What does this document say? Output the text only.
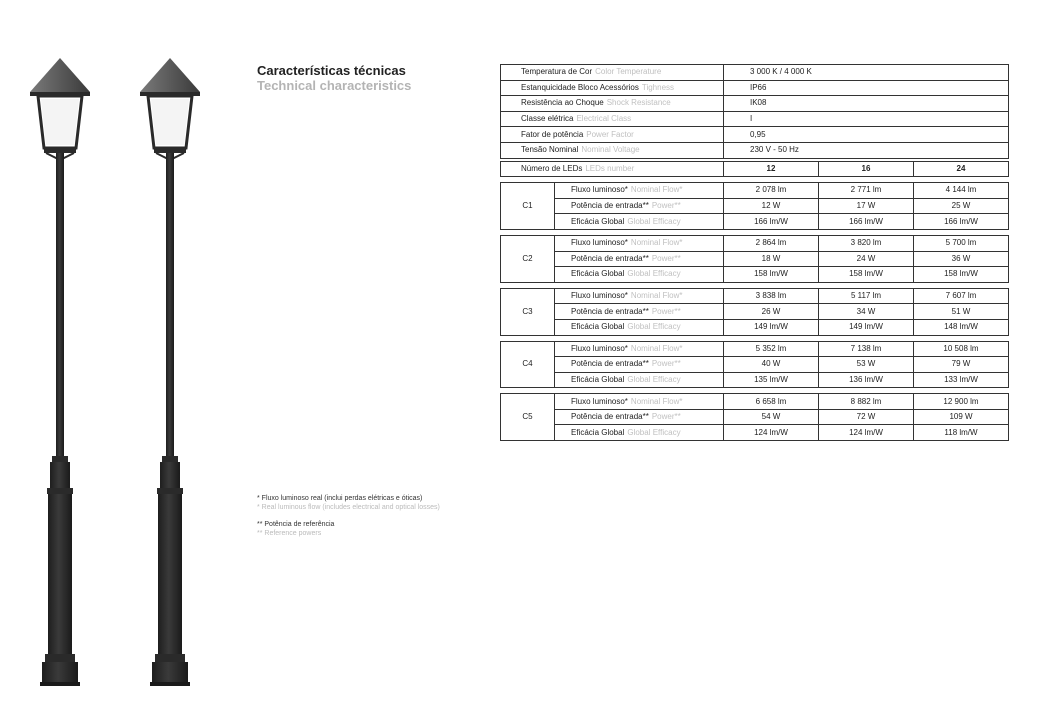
Características técnicas
Technical characteristics
* Fluxo luminoso real (inclui perdas elétricas e óticas)
* Real luminous flow (includes electrical and optical losses)
** Potência de referência
** Reference powers
Temperatura de Cor Color Temperature	3 000 K / 4 000 K
Estanquicidade Bloco Acessórios Tighness	IP66
Resistência ao Choque Shock Resistance	IK08
Classe elétrica Electrical Class	I
Fator de potência Power Factor	0,95
Tensão Nominal Nominal Voltage	230 V - 50 Hz
Número de LEDs LEDs number		12	16	24

C1	Fluxo luminoso* Nominal Flow*	2 078 lm	2 771 lm	4 144 lm
	Potência de entrada** Power**	12 W	17 W	25 W
	Eficácia Global Global Efficacy	166 lm/W	166 lm/W	166 lm/W

C2	Fluxo luminoso* Nominal Flow*	2 864 lm	3 820 lm	5 700 lm
	Potência de entrada** Power**	18 W	24 W	36 W
	Eficácia Global Global Efficacy	158 lm/W	158 lm/W	158 lm/W

C3	Fluxo luminoso* Nominal Flow*	3 838 lm	5 117 lm	7 607 lm
	Potência de entrada** Power**	26 W	34 W	51 W
	Eficácia Global Global Efficacy	149 lm/W	149 lm/W	148 lm/W

C4	Fluxo luminoso* Nominal Flow*	5 352 lm	7 138 lm	10 508 lm
	Potência de entrada** Power**	40 W	53 W	79 W
	Eficácia Global Global Efficacy	135 lm/W	136 lm/W	133 lm/W

C5	Fluxo luminoso* Nominal Flow*	6 658 lm	8 882 lm	12 900 lm
	Potência de entrada** Power**	54 W	72 W	109 W
	Eficácia Global Global Efficacy	124 lm/W	124 lm/W	118 lm/W
